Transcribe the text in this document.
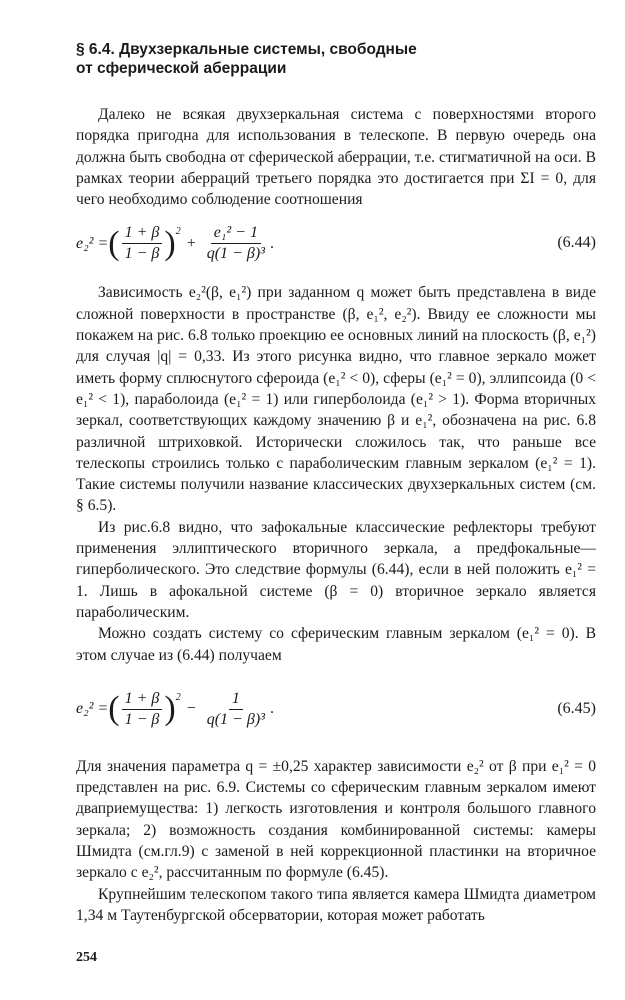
§ 6.4. Двухзеркальные системы, свободные
от сферической аберрации

Далеко не всякая двухзеркальная система с поверхностями второго порядка пригодна для использования в телескопе. В первую очередь она должна быть свободна от сферической аберрации, т.е. стигматичной на оси. В рамках теории аберраций третьего порядка это достигается при ΣI = 0, для чего необходимо соблюдение соотношения

e₂² = ( $\frac{1 + \beta}{1 - \beta} )^2$
+ $\frac{\text{e₁² − 1}}{\text{q(1 − β)³}}$ .	(6.44)

Зависимость e₂²(β, e₁²) при заданном q может быть представлена в виде сложной поверхности в пространстве (β, e₁², e₂²). Ввиду ее сложности мы покажем на рис. 6.8 только проекцию ее основных линий на плоскость (β, e₁²) для случая |q| = 0,33. Из этого рисунка видно, что главное зеркало может иметь форму сплюснутого сфероида (e₁² < 0), сферы (e₁² = 0), эллипсоида (0 < e₁² < 1), параболоида (e₁² = 1) или гиперболоида (e₁² > 1). Форма вторичных зеркал, соответствующих каждому значению β и e₁², обозначена на рис. 6.8 различной штриховкой. Исторически сложилось так, что раньше все телескопы строились только с параболическим главным зеркалом (e₁² = 1). Такие системы получили название классических двухзеркальных систем (см. § 6.5).

Из рис.6.8 видно, что зафокальные классические рефлекторы требуют применения эллиптического вторичного зеркала, а предфокальные—гиперболического. Это следствие формулы (6.44), если в ней положить e₁² = 1. Лишь в афокальной системе (β = 0) вторичное зеркало является параболическим.

Можно создать систему со сферическим главным зеркалом (e₁² = 0). В этом случае из (6.44) получаем

e₂² = ( $\frac{1 + \beta}{1 - \beta} )^2$
− $\frac{1}{\text{q(1 − β)³}}$ .	(6.45)

Для значения параметра q = ±0,25 характер зависимости e₂² от β при e₁² = 0 представлен на рис. 6.9. Системы со сферическим главным зеркалом имеют дваприемущества: 1) легкость изготовления и контроля большого главного зеркала; 2) возможность создания комбинированной системы: камеры Шмидта (см.гл.9) с заменой в ней коррекционной пластинки на вторичное зеркало с e₂², рассчитанным по формуле (6.45).

Крупнейшим телескопом такого типа является камера Шмидта диаметром 1,34 м Таутенбургской обсерватории, которая может работать

254
